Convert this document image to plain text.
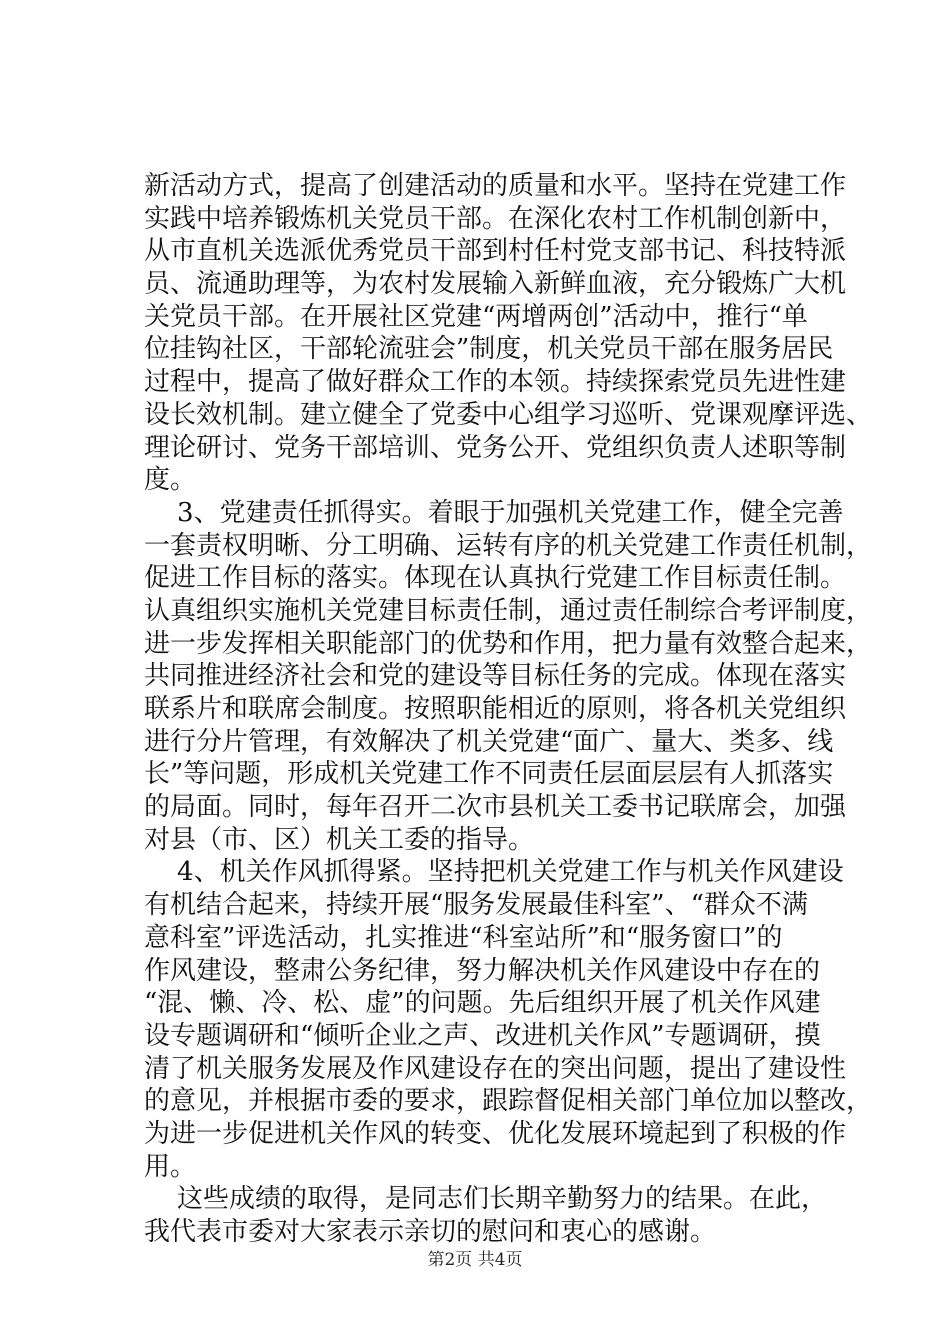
新活动方式，提高了创建活动的质量和水平。坚持在党建工作
实践中培养锻炼机关党员干部。在深化农村工作机制创新中，
从市直机关选派优秀党员干部到村任村党支部书记、科技特派
员、流通助理等，为农村发展输入新鲜血液，充分锻炼广大机
关党员干部。在开展社区党建“两增两创”活动中，推行“单
位挂钩社区，干部轮流驻会”制度，机关党员干部在服务居民
过程中，提高了做好群众工作的本领。持续探索党员先进性建
设长效机制。建立健全了党委中心组学习巡听、党课观摩评选、
理论研讨、党务干部培训、党务公开、党组织负责人述职等制
度。
3、党建责任抓得实。着眼于加强机关党建工作，健全完善
一套责权明晰、分工明确、运转有序的机关党建工作责任机制，
促进工作目标的落实。体现在认真执行党建工作目标责任制。
认真组织实施机关党建目标责任制，通过责任制综合考评制度，
进一步发挥相关职能部门的优势和作用，把力量有效整合起来，
共同推进经济社会和党的建设等目标任务的完成。体现在落实
联系片和联席会制度。按照职能相近的原则，将各机关党组织
进行分片管理，有效解决了机关党建“面广、量大、类多、线
长”等问题，形成机关党建工作不同责任层面层层有人抓落实
的局面。同时，每年召开二次市县机关工委书记联席会，加强
对县（市、区）机关工委的指导。
4、机关作风抓得紧。坚持把机关党建工作与机关作风建设
有机结合起来，持续开展“服务发展最佳科室”、“群众不满
意科室”评选活动，扎实推进“科室站所”和“服务窗口”的
作风建设，整肃公务纪律，努力解决机关作风建设中存在的
“混、懒、冷、松、虚”的问题。先后组织开展了机关作风建
设专题调研和“倾听企业之声、改进机关作风”专题调研，摸
清了机关服务发展及作风建设存在的突出问题，提出了建设性
的意见，并根据市委的要求，跟踪督促相关部门单位加以整改，
为进一步促进机关作风的转变、优化发展环境起到了积极的作
用。
这些成绩的取得，是同志们长期辛勤努力的结果。在此，
我代表市委对大家表示亲切的慰问和衷心的感谢。
第2页 共4页
